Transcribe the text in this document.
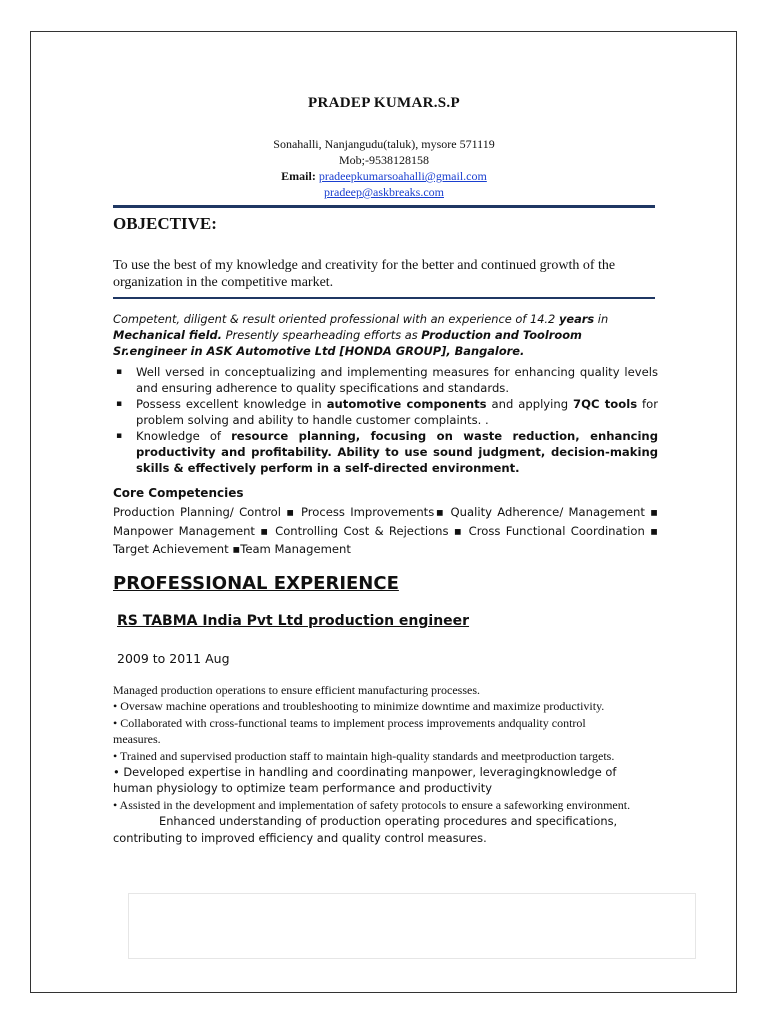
PRADEP KUMAR.S.P
Sonahalli, Nanjangudu(taluk), mysore 571119
Mob;-9538128158
Email: pradeepkumarsoahalli@gmail.com
pradeep@askbreaks.com
OBJECTIVE:
To use the best of my knowledge and creativity for the better and continued growth of the organization in the competitive market.
Competent, diligent & result oriented professional with an experience of 14.2 years in Mechanical field. Presently spearheading efforts as Production and Toolroom Sr.engineer in ASK Automotive Ltd [HONDA GROUP], Bangalore.
▪ Well versed in conceptualizing and implementing measures for enhancing quality levels and ensuring adherence to quality specifications and standards.
▪ Possess excellent knowledge in automotive components and applying 7QC tools for problem solving and ability to handle customer complaints. .
▪ Knowledge of resource planning, focusing on waste reduction, enhancing productivity and profitability. Ability to use sound judgment, decision-making skills & effectively perform in a self-directed environment.
Core Competencies
Production Planning/ Control ▪ Process Improvements▪ Quality Adherence/ Management ▪ Manpower Management ▪ Controlling Cost & Rejections ▪ Cross Functional Coordination ▪ Target Achievement ▪Team Management
PROFESSIONAL EXPERIENCE
RS TABMA India Pvt Ltd production engineer
2009 to 2011 Aug

Managed production operations to ensure efficient manufacturing processes.

• Oversaw machine operations and troubleshooting to minimize downtime and maximize productivity.

• Collaborated with cross-functional teams to implement process improvements andquality control measures.

• Trained and supervised production staff to maintain high-quality standards and meetproduction targets.

• Developed expertise in handling and coordinating manpower, leveragingknowledge of human physiology to optimize team performance and productivity

• Assisted in the development and implementation of safety protocols to ensure a safeworking environment.

Enhanced understanding of production operating procedures and specifications, contributing to improved efficiency and quality control measures.
